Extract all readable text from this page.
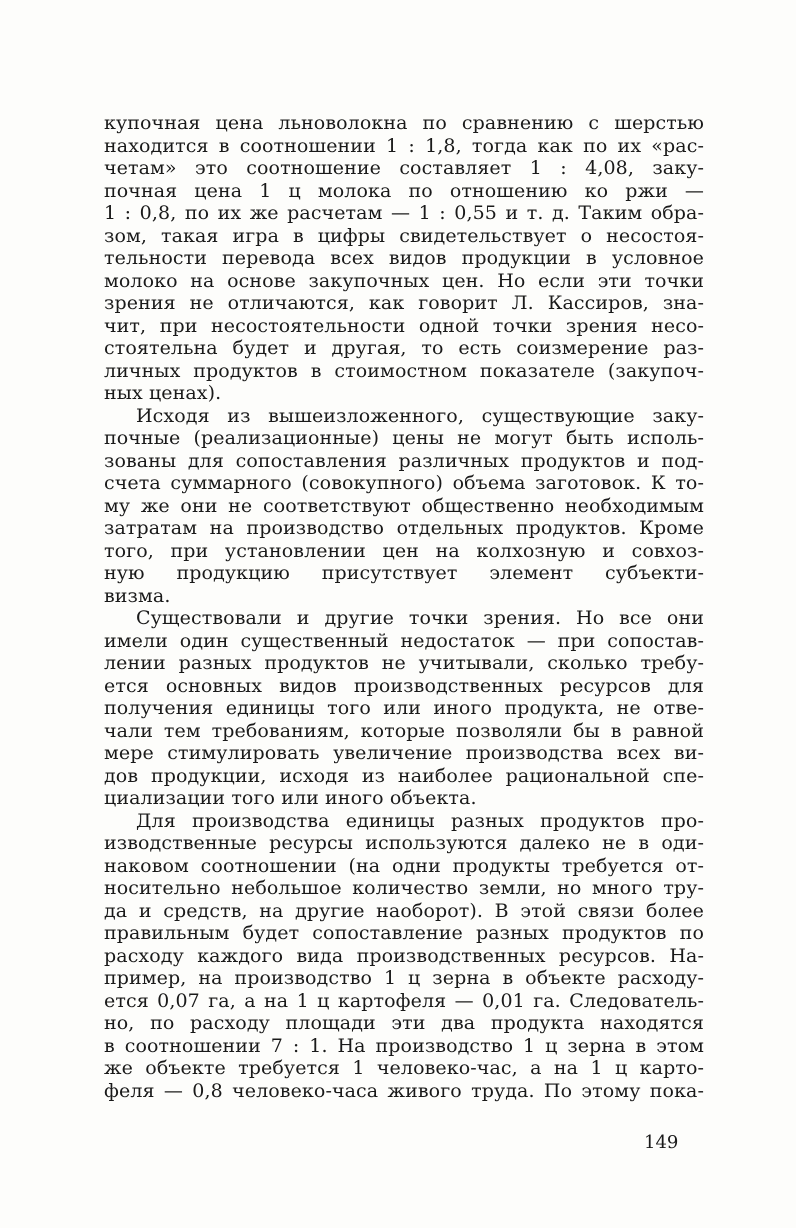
купочная цена льноволокна по сравнению с шерстью
находится в соотношении 1 : 1,8, тогда как по их «рас-
четам» это соотношение составляет 1 : 4,08, заку-
почная цена 1 ц молока по отношению ко ржи —
1 : 0,8, по их же расчетам — 1 : 0,55 и т. д. Таким обра-
зом, такая игра в цифры свидетельствует о несостоя-
тельности перевода всех видов продукции в условное
молоко на основе закупочных цен. Но если эти точки
зрения не отличаются, как говорит Л. Кассиров, зна-
чит, при несостоятельности одной точки зрения несо-
стоятельна будет и другая, то есть соизмерение раз-
личных продуктов в стоимостном показателе (закупоч-
ных ценах).
Исходя из вышеизложенного, существующие заку-
почные (реализационные) цены не могут быть исполь-
зованы для сопоставления различных продуктов и под-
счета суммарного (совокупного) объема заготовок. К то-
му же они не соответствуют общественно необходимым
затратам на производство отдельных продуктов. Кроме
того, при установлении цен на колхозную и совхоз-
ную продукцию присутствует элемент субъекти-
визма.
Существовали и другие точки зрения. Но все они
имели один существенный недостаток — при сопостав-
лении разных продуктов не учитывали, сколько требу-
ется основных видов производственных ресурсов для
получения единицы того или иного продукта, не отве-
чали тем требованиям, которые позволяли бы в равной
мере стимулировать увеличение производства всех ви-
дов продукции, исходя из наиболее рациональной спе-
циализации того или иного объекта.
Для производства единицы разных продуктов про-
изводственные ресурсы используются далеко не в оди-
наковом соотношении (на одни продукты требуется от-
носительно небольшое количество земли, но много тру-
да и средств, на другие наоборот). В этой связи более
правильным будет сопоставление разных продуктов по
расходу каждого вида производственных ресурсов. На-
пример, на производство 1 ц зерна в объекте расходу-
ется 0,07 га, а на 1 ц картофеля — 0,01 га. Следователь-
но, по расходу площади эти два продукта находятся
в соотношении 7 : 1. На производство 1 ц зерна в этом
же объекте требуется 1 человеко-час, а на 1 ц карто-
феля — 0,8 человеко-часа живого труда. По этому пока-
149
